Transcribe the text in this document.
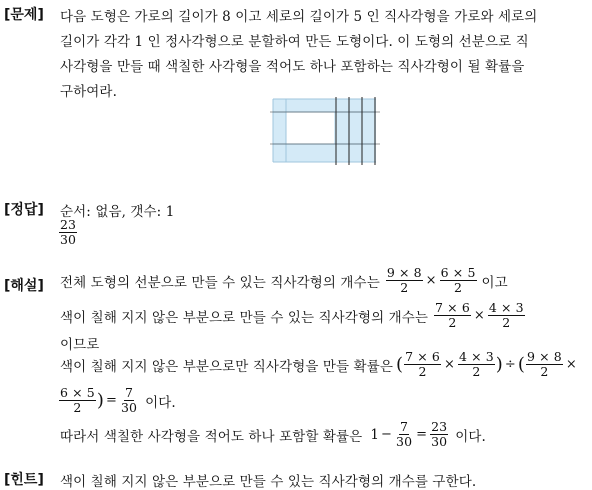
[문제] 다음 도형은 가로의 길이가 8 이고 세로의 길이가 5 인 직사각형을 가로와 세로의
길이가 각각 1 인 정사각형으로 분할하여 만든 도형이다. 이 도형의 선분으로 직
사각형을 만들 때 색칠한 사각형을 적어도 하나 포함하는 직사각형이 될 확률을
구하여라.
[정답] 순서: 없음, 갯수: 1
$\frac{23}{30}$
[해설] 전체 도형의 선분으로 만들 수 있는 직사각형의 개수는 $\frac{9 \times 8}{2} \times \frac{6 \times 5}{2}$ 이고
색이 칠해 지지 않은 부분으로 만들 수 있는 직사각형의 개수는 $\frac{7 \times 6}{2} \times \frac{4 \times 3}{2}$
이므로
색이 칠해 지지 않은 부분으로만 직사각형을 만들 확률은 ( $\frac{7 \times 6}{2} \times \frac{4 \times 3}{2}$ ) ÷ ( $\frac{9 \times 8}{2}$ ×
$\frac{6 \times 5}{2}$ ) = $\frac{7}{30}$ 이다.
따라서 색칠한 사각형을 적어도 하나 포함할 확률은 $1 - \frac{7}{30} = \frac{23}{30}$ 이다.
[힌트] 색이 칠해 지지 않은 부분으로 만들 수 있는 직사각형의 개수를 구한다.
